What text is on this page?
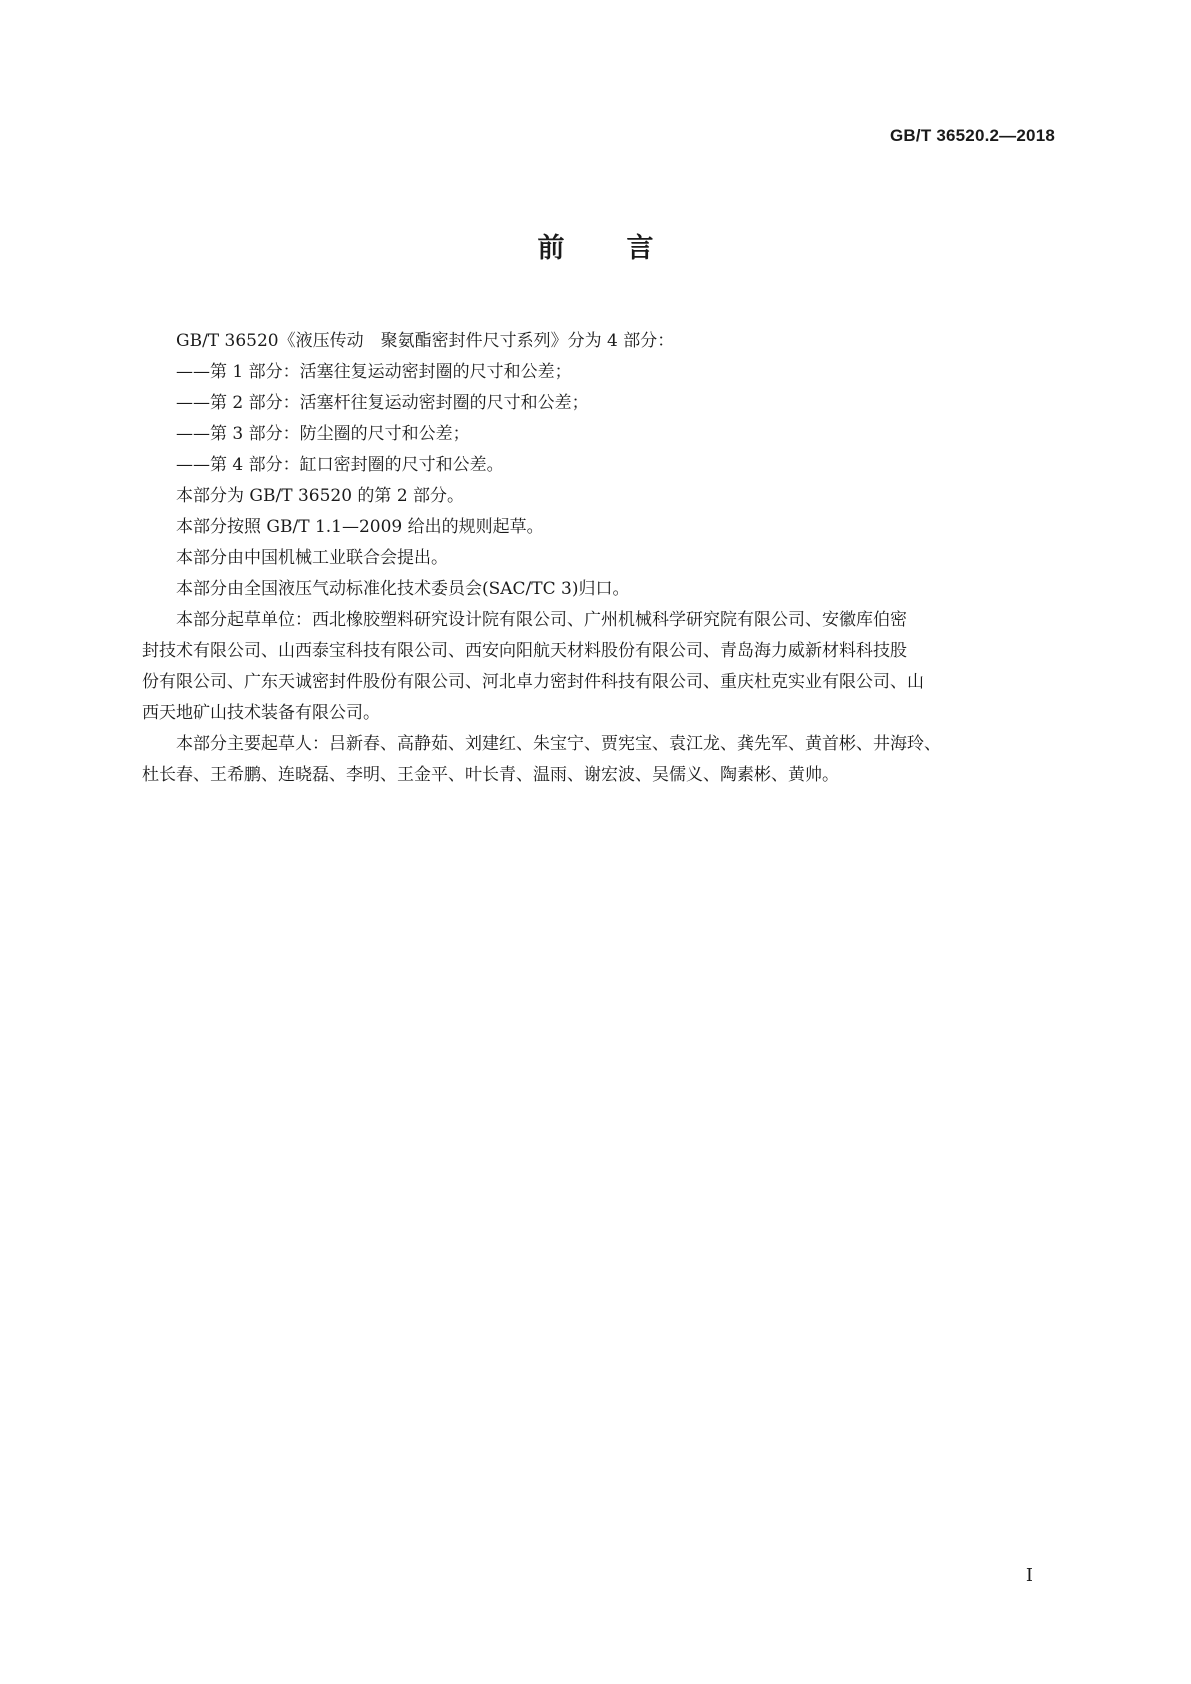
GB/T 36520.2—2018
前 言

GB/T 36520《液压传动　聚氨酯密封件尺寸系列》分为 4 部分：

——第 1 部分：活塞往复运动密封圈的尺寸和公差；

——第 2 部分：活塞杆往复运动密封圈的尺寸和公差；

——第 3 部分：防尘圈的尺寸和公差；

——第 4 部分：缸口密封圈的尺寸和公差。

本部分为 GB/T 36520 的第 2 部分。

本部分按照 GB/T 1.1—2009 给出的规则起草。

本部分由中国机械工业联合会提出。

本部分由全国液压气动标准化技术委员会(SAC/TC 3)归口。

本部分起草单位：西北橡胶塑料研究设计院有限公司、广州机械科学研究院有限公司、安徽库伯密

封技术有限公司、山西泰宝科技有限公司、西安向阳航天材料股份有限公司、青岛海力威新材料科技股

份有限公司、广东天诚密封件股份有限公司、河北卓力密封件科技有限公司、重庆杜克实业有限公司、山

西天地矿山技术装备有限公司。

本部分主要起草人：吕新春、高静茹、刘建红、朱宝宁、贾宪宝、袁江龙、龚先军、黄首彬、井海玲、

杜长春、王希鹏、连晓磊、李明、王金平、叶长青、温雨、谢宏波、吴儒义、陶素彬、黄帅。

I
